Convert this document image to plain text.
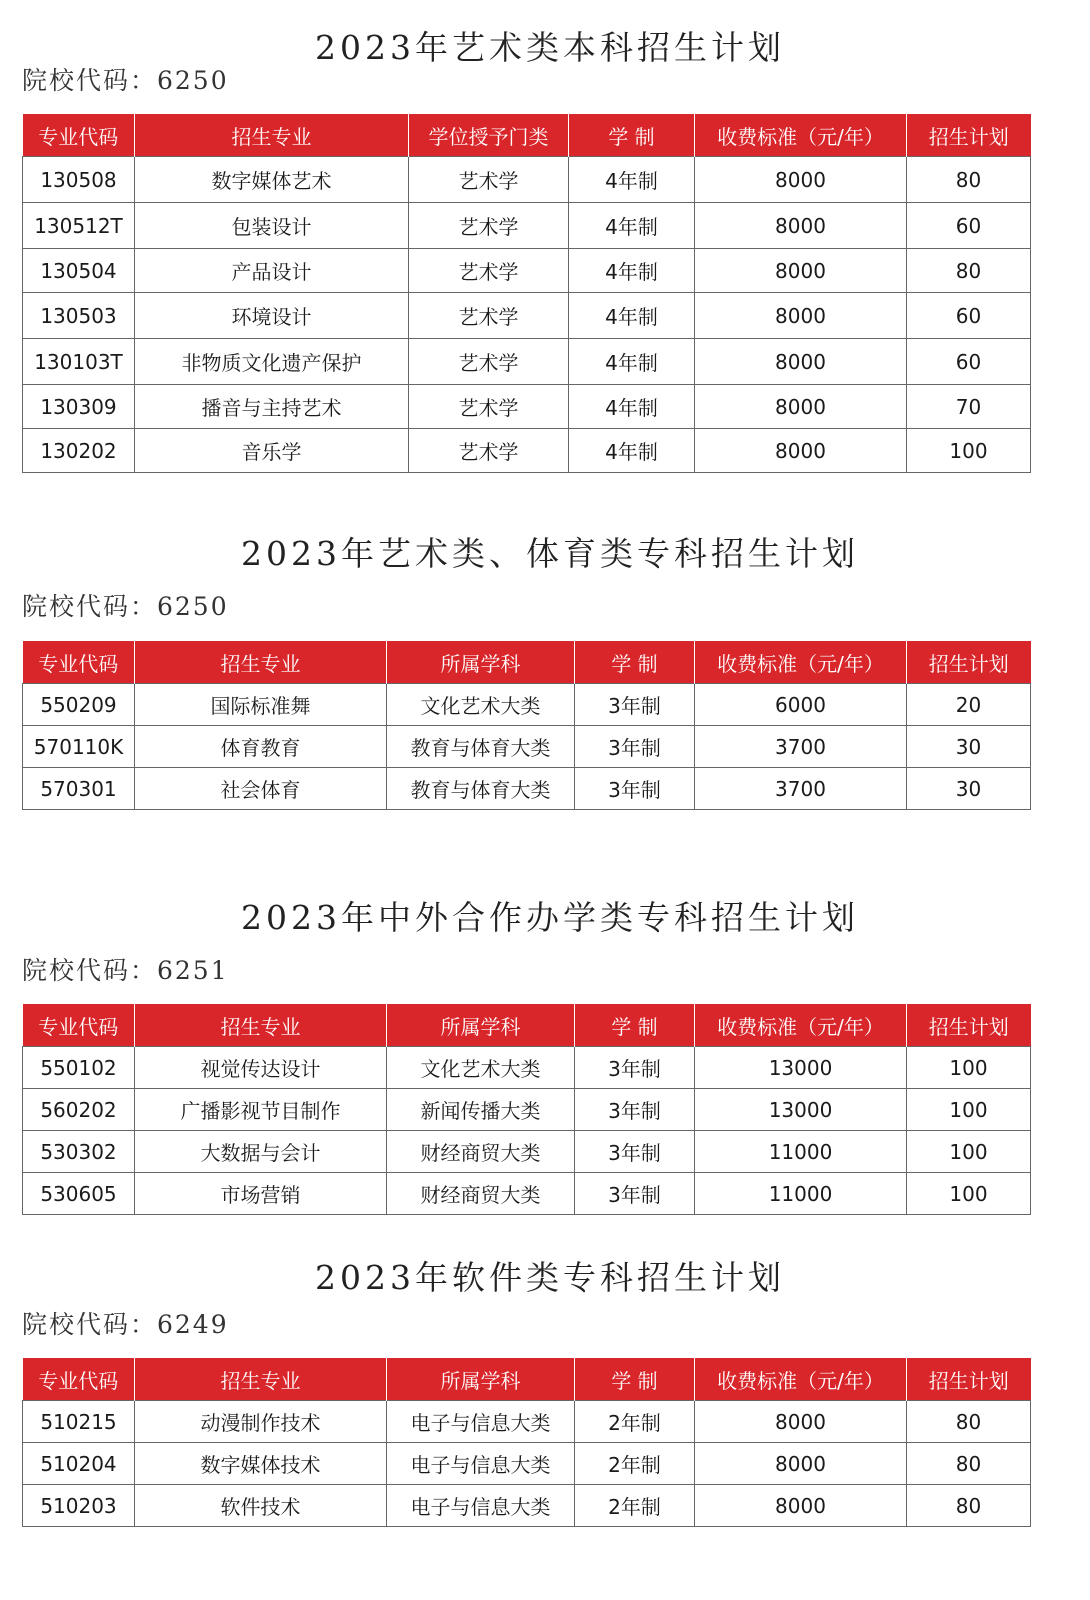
2023年艺术类本科招生计划
院校代码：6250
专业代码	招生专业	学位授予门类	学 制	收费标准（元/年）	招生计划
130508	数字媒体艺术	艺术学	4年制	8000	80
130512T	包装设计	艺术学	4年制	8000	60
130504	产品设计	艺术学	4年制	8000	80
130503	环境设计	艺术学	4年制	8000	60
130103T	非物质文化遗产保护	艺术学	4年制	8000	60
130309	播音与主持艺术	艺术学	4年制	8000	70
130202	音乐学	艺术学	4年制	8000	100
2023年艺术类、体育类专科招生计划
院校代码：6250
专业代码	招生专业	所属学科	学 制	收费标准（元/年）	招生计划
550209	国际标准舞	文化艺术大类	3年制	6000	20
570110K	体育教育	教育与体育大类	3年制	3700	30
570301	社会体育	教育与体育大类	3年制	3700	30
2023年中外合作办学类专科招生计划
院校代码：6251
专业代码	招生专业	所属学科	学 制	收费标准（元/年）	招生计划
550102	视觉传达设计	文化艺术大类	3年制	13000	100
560202	广播影视节目制作	新闻传播大类	3年制	13000	100
530302	大数据与会计	财经商贸大类	3年制	11000	100
530605	市场营销	财经商贸大类	3年制	11000	100
2023年软件类专科招生计划
院校代码：6249
专业代码	招生专业	所属学科	学 制	收费标准（元/年）	招生计划
510215	动漫制作技术	电子与信息大类	2年制	8000	80
510204	数字媒体技术	电子与信息大类	2年制	8000	80
510203	软件技术	电子与信息大类	2年制	8000	80
